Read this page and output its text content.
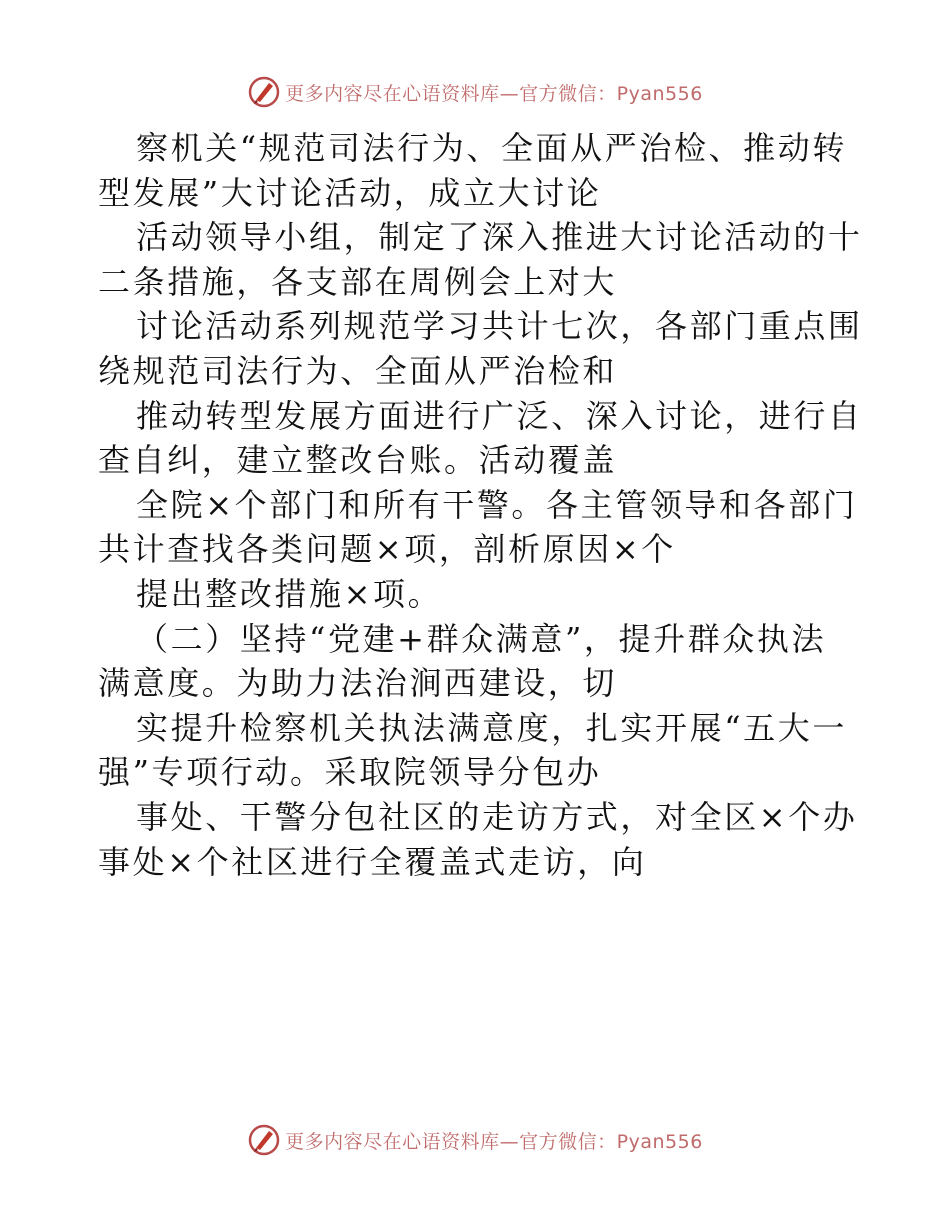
更多内容尽在心语资料库—官方微信：Pyan556
察机关“规范司法行为、全面从严治检、推动转
型发展”大讨论活动，成立大讨论
活动领导小组，制定了深入推进大讨论活动的十
二条措施，各支部在周例会上对大
讨论活动系列规范学习共计七次，各部门重点围
绕规范司法行为、全面从严治检和
推动转型发展方面进行广泛、深入讨论，进行自
查自纠，建立整改台账。活动覆盖
全院×个部门和所有干警。各主管领导和各部门
共计查找各类问题×项，剖析原因×个
提出整改措施×项。
（二）坚持“党建+群众满意”，提升群众执法
满意度。为助力法治涧西建设，切
实提升检察机关执法满意度，扎实开展“五大一
强”专项行动。采取院领导分包办
事处、干警分包社区的走访方式，对全区×个办
事处×个社区进行全覆盖式走访，向
更多内容尽在心语资料库—官方微信：Pyan556
